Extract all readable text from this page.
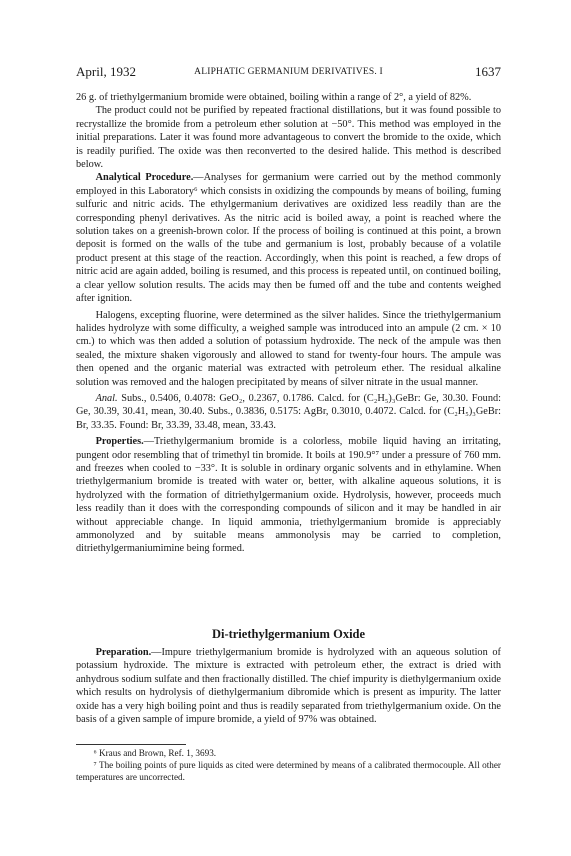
April, 1932	ALIPHATIC GERMANIUM DERIVATIVES. I	1637

26 g. of triethylgermanium bromide were obtained, boiling within a range of 2°, a yield of 82%.

The product could not be purified by repeated fractional distillations, but it was found possible to recrystallize the bromide from a petroleum ether solution at −50°. This method was employed in the initial preparations. Later it was found more advantageous to convert the bromide to the oxide, which is readily purified. The oxide was then reconverted to the desired halide. This method is described below.

Analytical Procedure.—Analyses for germanium were carried out by the method commonly employed in this Laboratory⁶ which consists in oxidizing the compounds by means of boiling, fuming sulfuric and nitric acids. The ethylgermanium derivatives are oxidized less readily than are the corresponding phenyl derivatives. As the nitric acid is boiled away, a point is reached where the solution takes on a greenish-brown color. If the process of boiling is continued at this point, a brown deposit is formed on the walls of the tube and germanium is lost, probably because of a volatile product present at this stage of the reaction. Accordingly, when this point is reached, a few drops of nitric acid are again added, boiling is resumed, and this process is repeated until, on continued boiling, a clear yellow solution results. The acids may then be fumed off and the tube and contents weighed after ignition.

Halogens, excepting fluorine, were determined as the silver halides. Since the triethylgermanium halides hydrolyze with some difficulty, a weighed sample was introduced into an ampule (2 cm. × 10 cm.) to which was then added a solution of potassium hydroxide. The neck of the ampule was then sealed, the mixture shaken vigorously and allowed to stand for twenty-four hours. The ampule was then opened and the organic material was extracted with petroleum ether. The residual alkaline solution was removed and the halogen precipitated by means of silver nitrate in the usual manner.

Anal. Subs., 0.5406, 0.4078: GeO₂, 0.2367, 0.1786. Calcd. for (C₂H₅)₃GeBr: Ge, 30.30. Found: Ge, 30.39, 30.41, mean, 30.40. Subs., 0.3836, 0.5175: AgBr, 0.3010, 0.4072. Calcd. for (C₂H₅)₃GeBr: Br, 33.35. Found: Br, 33.39, 33.48, mean, 33.43.

Properties.—Triethylgermanium bromide is a colorless, mobile liquid having an irritating, pungent odor resembling that of trimethyl tin bromide. It boils at 190.9°⁷ under a pressure of 760 mm. and freezes when cooled to −33°. It is soluble in ordinary organic solvents and in ethylamine. When triethylgermanium bromide is treated with water or, better, with alkaline aqueous solutions, it is hydrolyzed with the formation of ditriethylgermanium oxide. Hydrolysis, however, proceeds much less readily than it does with the corresponding compounds of silicon and it may be handled in air without appreciable change. In liquid ammonia, triethylgermanium bromide is appreciably ammonolyzed and by suitable means ammonolysis may be carried to completion, ditriethylgermaniumimine being formed.

Di-triethylgermanium Oxide

Preparation.—Impure triethylgermanium bromide is hydrolyzed with an aqueous solution of potassium hydroxide. The mixture is extracted with petroleum ether, the extract is dried with anhydrous sodium sulfate and then fractionally distilled. The chief impurity is diethylgermanium oxide which results on hydrolysis of diethylgermanium dibromide which is present as impurity. The latter oxide has a very high boiling point and thus is readily separated from triethylgermanium oxide. On the basis of a given sample of impure bromide, a yield of 97% was obtained.

⁶ Kraus and Brown, Ref. 1, 3693.

⁷ The boiling points of pure liquids as cited were determined by means of a calibrated thermocouple. All other temperatures are uncorrected.
